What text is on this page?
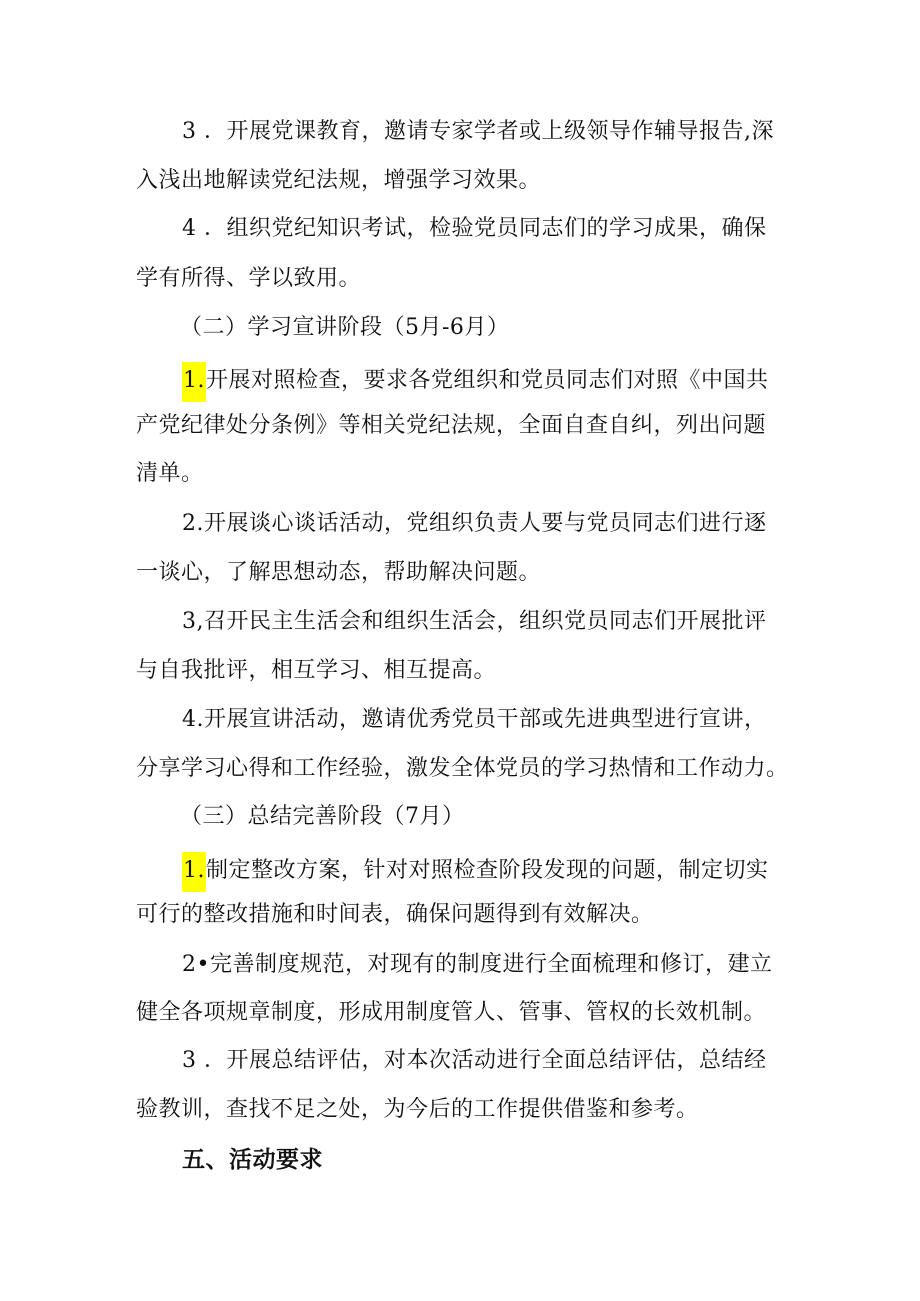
3 ．开展党课教育，邀请专家学者或上级领导作辅导报告,深

入浅出地解读党纪法规，增强学习效果。

4 ．组织党纪知识考试，检验党员同志们的学习成果，确保

学有所得、学以致用。

（二）学习宣讲阶段（5月-6月）

1.开展对照检查，要求各党组织和党员同志们对照《中国共

产党纪律处分条例》等相关党纪法规，全面自查自纠，列出问题

清单。

2.开展谈心谈话活动，党组织负责人要与党员同志们进行逐

一谈心，了解思想动态，帮助解决问题。

3,召开民主生活会和组织生活会，组织党员同志们开展批评

与自我批评，相互学习、相互提高。

4.开展宣讲活动，邀请优秀党员干部或先进典型进行宣讲，

分享学习心得和工作经验，激发全体党员的学习热情和工作动力。

（三）总结完善阶段（7月）

1.制定整改方案，针对对照检查阶段发现的问题，制定切实

可行的整改措施和时间表，确保问题得到有效解决。

2•完善制度规范，对现有的制度进行全面梳理和修订，建立

健全各项规章制度，形成用制度管人、管事、管权的长效机制。

3 ．开展总结评估，对本次活动进行全面总结评估，总结经

验教训，查找不足之处，为今后的工作提供借鉴和参考。

五、活动要求
